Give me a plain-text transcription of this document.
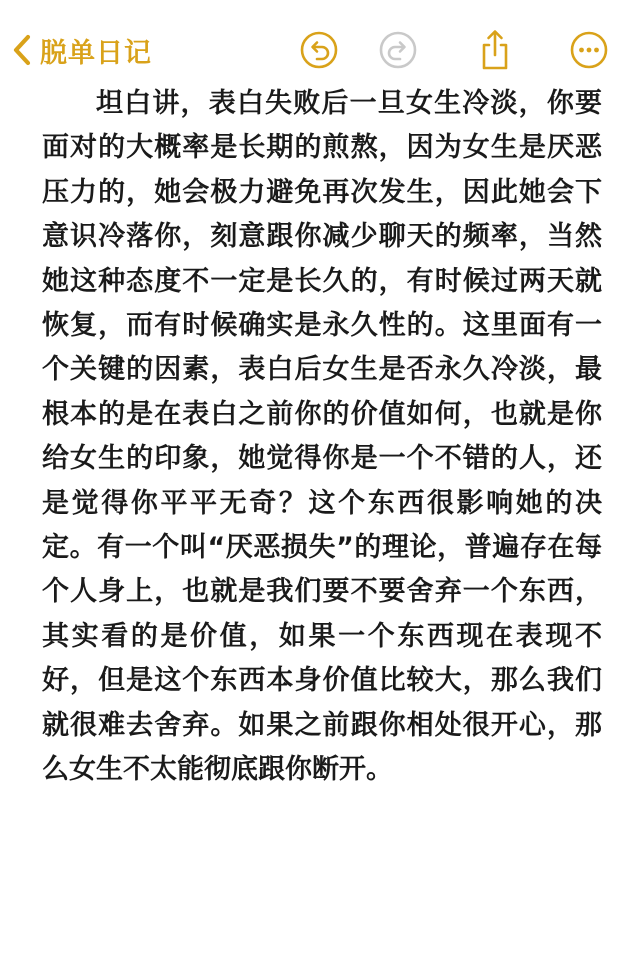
脱单日记

坦白讲，表白失败后一旦女生冷淡，你要面对的大概率是长期的煎熬，因为女生是厌恶压力的，她会极力避免再次发生，因此她会下意识冷落你，刻意跟你减少聊天的频率，当然她这种态度不一定是长久的，有时候过两天就恢复，而有时候确实是永久性的。这里面有一个关键的因素，表白后女生是否永久冷淡，最根本的是在表白之前你的价值如何，也就是你给女生的印象，她觉得你是一个不错的人，还是觉得你平平无奇？这个东西很影响她的决定。有一个叫“厌恶损失”的理论，普遍存在每个人身上，也就是我们要不要舍弃一个东西，其实看的是价值，如果一个东西现在表现不好，但是这个东西本身价值比较大，那么我们就很难去舍弃。如果之前跟你相处很开心，那么女生不太能彻底跟你断开。
